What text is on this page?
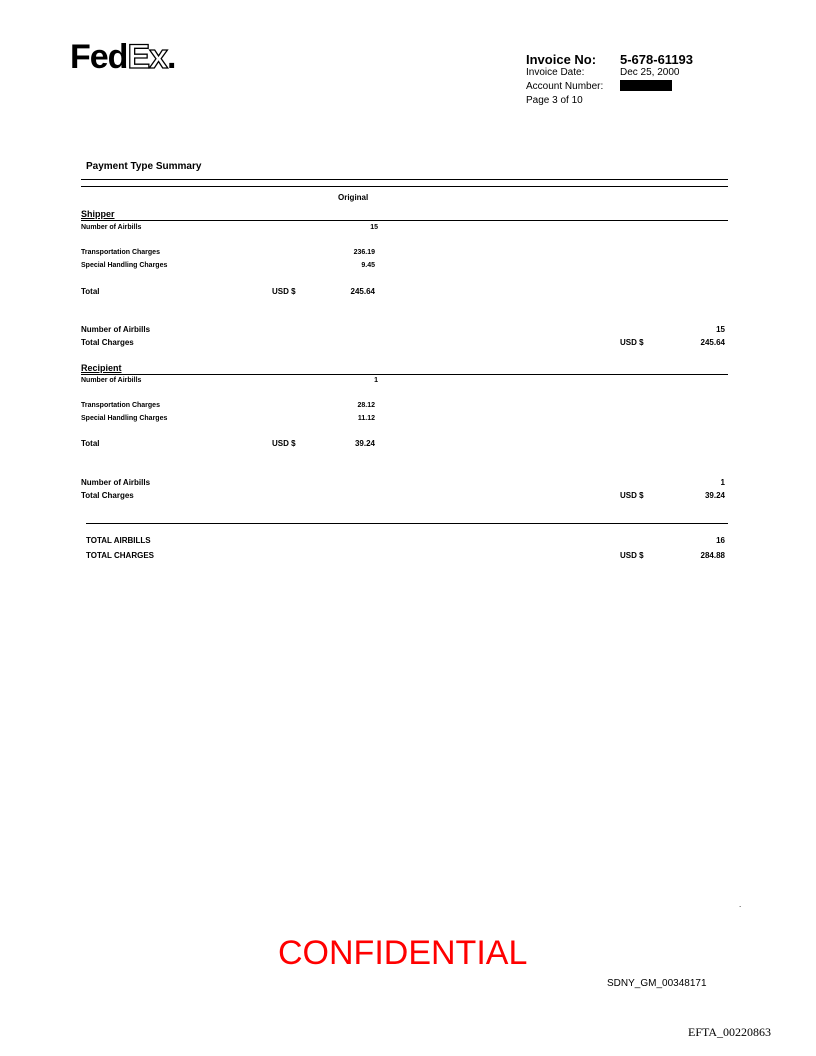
FedEx.	Invoice No: 5-678-61193
Invoice Date:	Dec 25, 2000
Account Number:
Page 3 of 10
Payment Type Summary
Original
Shipper
Number of Airbills	15
Transportation Charges	236.19
Special Handling Charges	9.45
Total	USD $	245.64
Number of Airbills	15
Total Charges	USD $	245.64
Recipient
Number of Airbills	1
Transportation Charges	28.12
Special Handling Charges	11.12
Total	USD $	39.24
Number of Airbills	1
Total Charges	USD $	39.24
TOTAL AIRBILLS	16
TOTAL CHARGES	USD $	284.88
.
CONFIDENTIAL
SDNY_GM_00348171
EFTA_00220863
